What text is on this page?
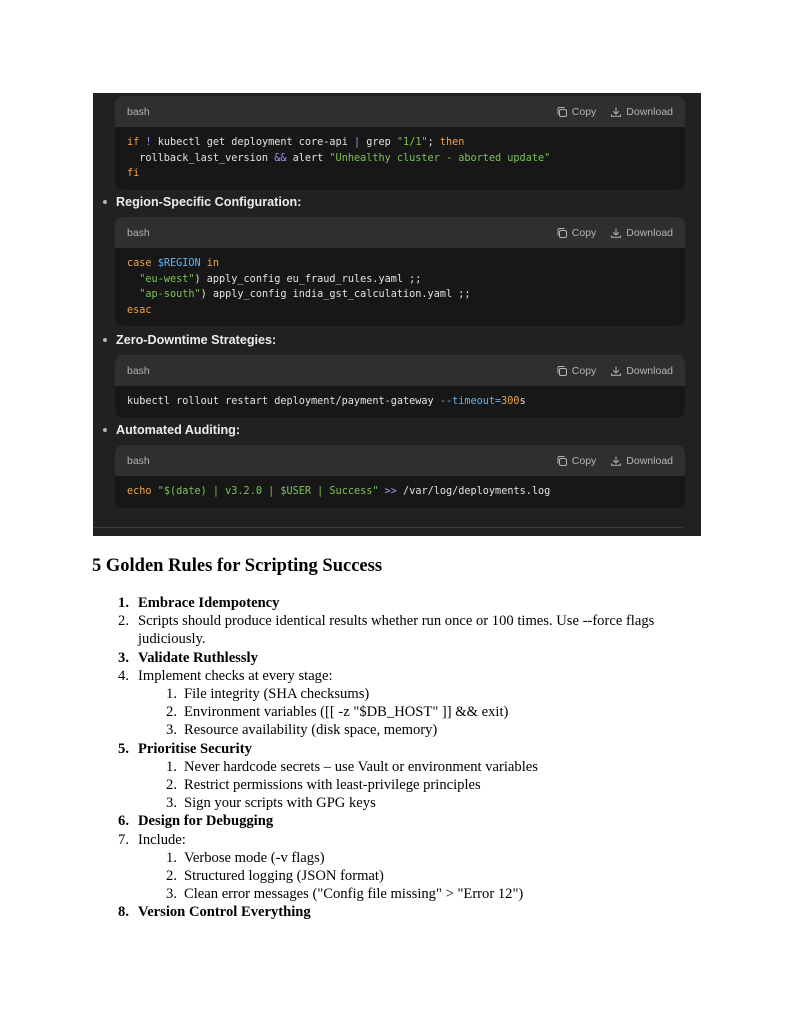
bash	Copy	Download
if ! kubectl get deployment core-api | grep "1/1"; then
rollback_last_version && alert "Unhealthy cluster - aborted update"
fi
Region-Specific Configuration:
bash	Copy	Download
case $REGION in
"eu-west") apply_config eu_fraud_rules.yaml ;;
"ap-south") apply_config india_gst_calculation.yaml ;;
esac
Zero-Downtime Strategies:
bash	Copy	Download
kubectl rollout restart deployment/payment-gateway --timeout=300s
Automated Auditing:
bash	Copy	Download
echo "$(date) | v3.2.0 | $USER | Success" >> /var/log/deployments.log
5 Golden Rules for Scripting Success
1. Embrace Idempotency
2. Scripts should produce identical results whether run once or 100 times. Use --force flags judiciously.
3. Validate Ruthlessly
4. Implement checks at every stage:
1. File integrity (SHA checksums)
2. Environment variables ([[ -z "$DB_HOST" ]] && exit)
3. Resource availability (disk space, memory)
5. Prioritise Security
1. Never hardcode secrets – use Vault or environment variables
2. Restrict permissions with least-privilege principles
3. Sign your scripts with GPG keys
6. Design for Debugging
7. Include:
1. Verbose mode (-v flags)
2. Structured logging (JSON format)
3. Clean error messages ("Config file missing" > "Error 12")
8. Version Control Everything
